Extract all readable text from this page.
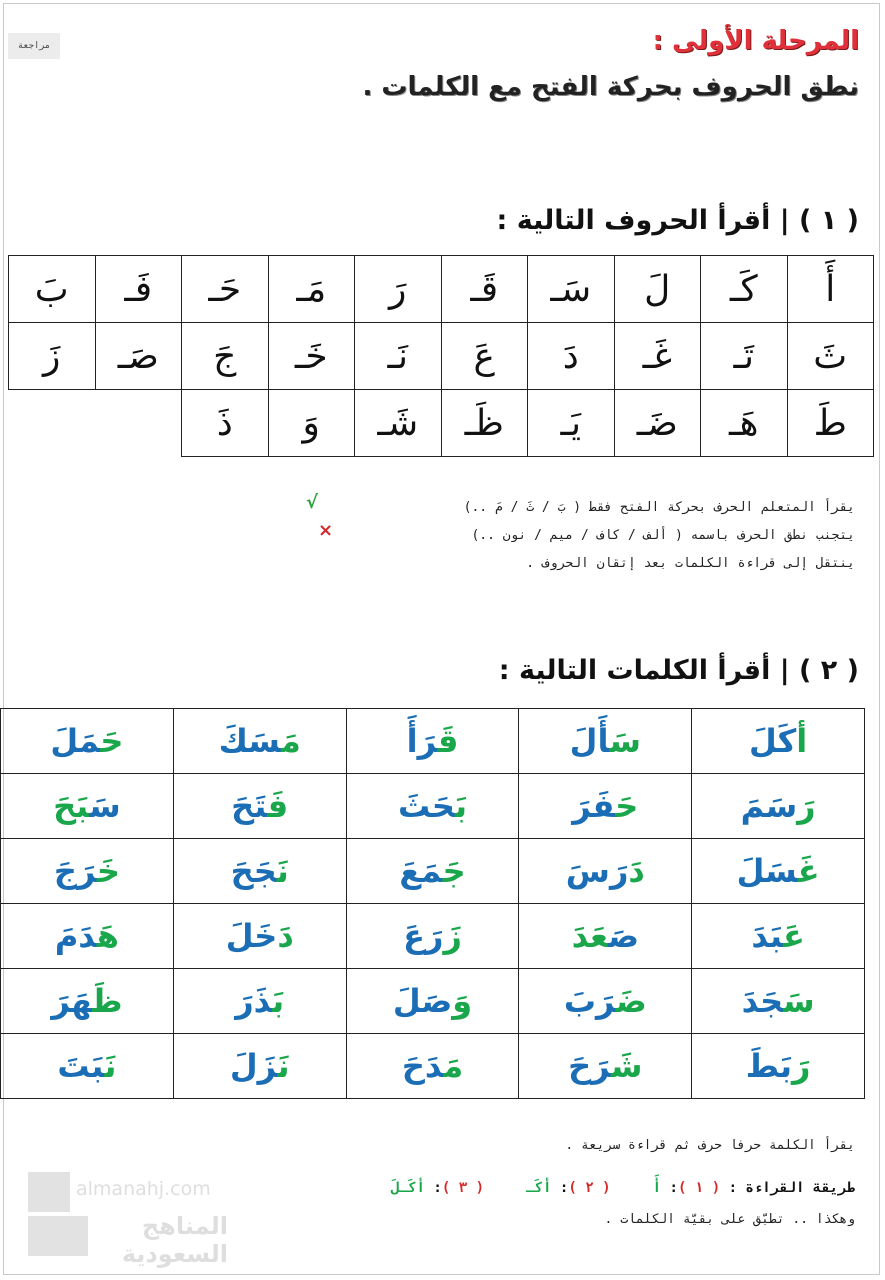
مراجعة	المرحلة الأولى :
نطق الحروف بحركة الفتح مع الكلمات .
( ١ ) | أقرأ الحروف التالية :
أَ	كَـ	لَ	سَـ	قَـ	رَ	مَـ	حَـ	فَـ	بَ
ثَ	تَـ	غَـ	دَ	عَ	نَـ	خَـ	جَ	صَـ	زَ
طَ	هَـ	ضَـ	يَـ	ظَـ	شَـ	وَ	ذَ		
√
×
يقرأ المتعلم الحرف بحركة الفتح فقط ( بَ / ثَ / مَ ..)
يتجنب نطق الحرف باسمه ( ألف / كاف / ميم / نون ..)
ينتقل إلى قراءة الكلمات بعد إتقان الحروف .
( ٢ ) | أقرأ الكلمات التالية :
أكَلَ	سَأَلَ	قَرَأَ	مَسَكَ	حَمَلَ
رَسَمَ	حَفَرَ	بَحَثَ	فَتَحَ	سَبَحَ
غَسَلَ	دَرَسَ	جَمَعَ	نَجَحَ	خَرَجَ
عَبَدَ	صَعَدَ	زَرَعَ	دَخَلَ	هَدَمَ
سَجَدَ	ضَرَبَ	وَصَلَ	بَذَرَ	ظَهَرَ
رَبَطَ	شَرَحَ	مَدَحَ	نَزَلَ	نَبَتَ
يقرأ الكلمة حرفا حرف ثم قراءة سريعة .
طريقة القراءة : ( ١ ): أَ     ( ٢ ): أكَـ     ( ٣ ): أكَـلَ
وهكذا .. تطبّق على بقيّة الكلمات .
almanahj.com
المناهج السعودية
